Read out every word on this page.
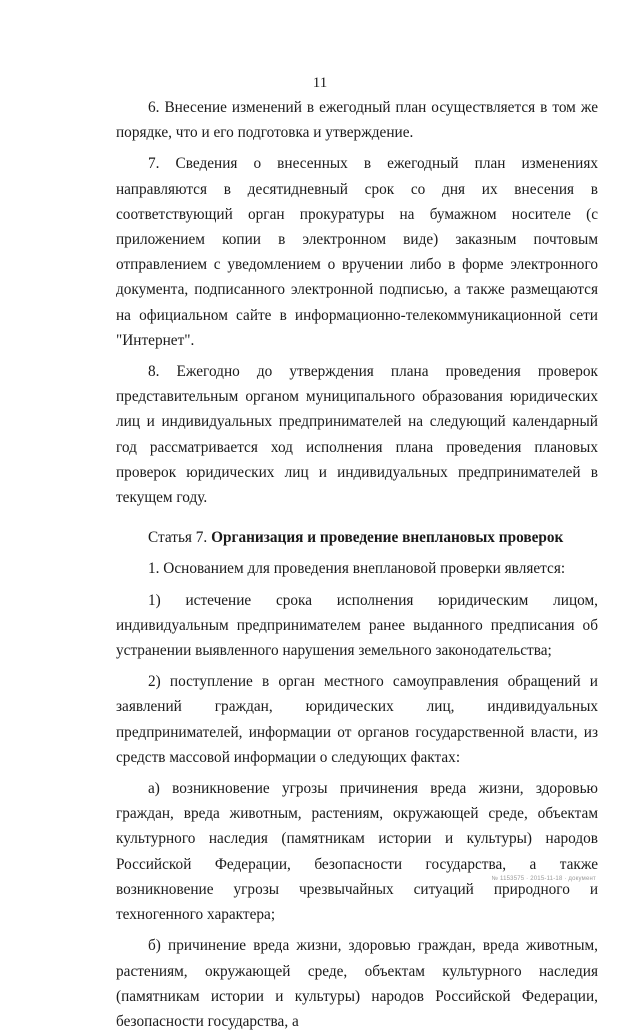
11

6. Внесение изменений в ежегодный план осуществляется в том же порядке, что и его подготовка и утверждение.

7. Сведения о внесенных в ежегодный план изменениях направляются в десятидневный срок со дня их внесения в соответствующий орган прокуратуры на бумажном носителе (с приложением копии в электронном виде) заказным почтовым отправлением с уведомлением о вручении либо в форме электронного документа, подписанного электронной подписью, а также размещаются на официальном сайте в информационно-телекоммуникационной сети "Интернет".

8. Ежегодно до утверждения плана проведения проверок представительным органом муниципального образования юридических лиц и индивидуальных предпринимателей на следующий календарный год рассматривается ход исполнения плана проведения плановых проверок юридических лиц и индивидуальных предпринимателей в текущем году.

Статья 7. Организация и проведение внеплановых проверок

1. Основанием для проведения внеплановой проверки является:

1) истечение срока исполнения юридическим лицом, индивидуальным предпринимателем ранее выданного предписания об устранении выявленного нарушения земельного законодательства;

2) поступление в орган местного самоуправления обращений и заявлений граждан, юридических лиц, индивидуальных предпринимателей, информации от органов государственной власти, из средств массовой информации о следующих фактах:

а) возникновение угрозы причинения вреда жизни, здоровью граждан, вреда животным, растениям, окружающей среде, объектам культурного наследия (памятникам истории и культуры) народов Российской Федерации, безопасности государства, а также возникновение угрозы чрезвычайных ситуаций природного и техногенного характера;

б) причинение вреда жизни, здоровью граждан, вреда животным, растениям, окружающей среде, объектам культурного наследия (памятникам истории и культуры) народов Российской Федерации, безопасности государства, а

№ 1153575 · 2015-11-18 · документ
